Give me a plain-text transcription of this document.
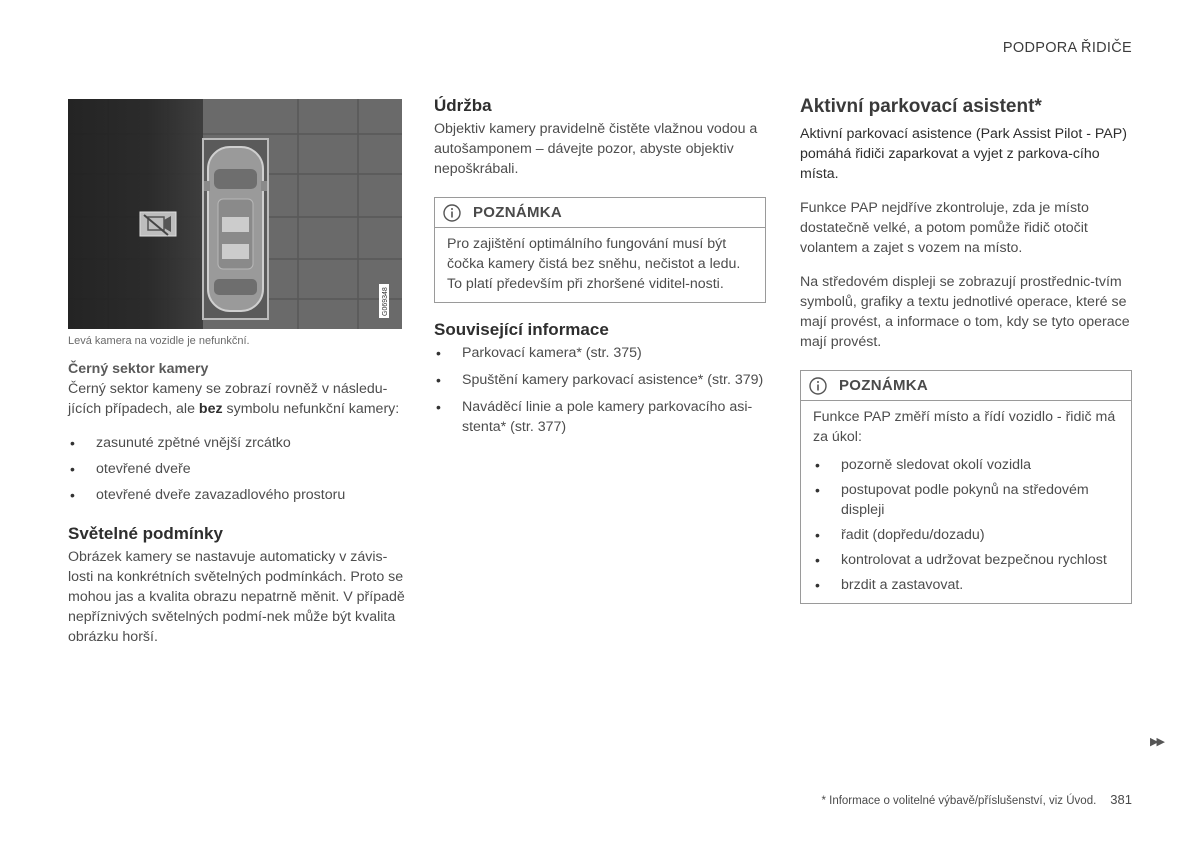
PODPORA ŘIDIČE
G069348
Levá kamera na vozidle je nefunkční.
Černý sektor kamery

Černý sektor kameny se zobrazí rovněž v následu-jících případech, ale bez symbolu nefunkční kamery:

• zasunuté zpětné vnější zrcátko
• otevřené dveře
• otevřené dveře zavazadlového prostoru
Světelné podmínky

Obrázek kamery se nastavuje automaticky v závis-losti na konkrétních světelných podmínkách. Proto se mohou jas a kvalita obrazu nepatrně měnit. V případě nepříznivých světelných podmí-nek může být kvalita obrázku horší.

Údržba

Objektiv kamery pravidelně čistěte vlažnou vodou a autošamponem – dávejte pozor, abyste objektiv nepoškrábali.

POZNÁMKA
Pro zajištění optimálního fungování musí být čočka kamery čistá bez sněhu, nečistot a ledu. To platí především při zhoršené viditel-nosti.
Související informace
• Parkovací kamera* (str. 375)
• Spuštění kamery parkovací asistence* (str. 379)
• Naváděcí linie a pole kamery parkovacího asi-stenta* (str. 377)
Aktivní parkovací asistent*

Aktivní parkovací asistence (Park Assist Pilot - PAP) pomáhá řidiči zaparkovat a vyjet z parkova-cího místa.

Funkce PAP nejdříve zkontroluje, zda je místo dostatečně velké, a potom pomůže řidič otočit volantem a zajet s vozem na místo.

Na středovém displeji se zobrazují prostřednic-tvím symbolů, grafiky a textu jednotlivé operace, které se mají provést, a informace o tom, kdy se tyto operace mají provést.

POZNÁMKA
Funkce PAP změří místo a řídí vozidlo - řidič má za úkol:
• pozorně sledovat okolí vozidla
• postupovat podle pokynů na středovém displeji
• řadit (dopředu/dozadu)
• kontrolovat a udržovat bezpečnou rychlost
• brzdit a zastavovat.
▶▶
* Informace o volitelné výbavě/příslušenství, viz Úvod. 381
